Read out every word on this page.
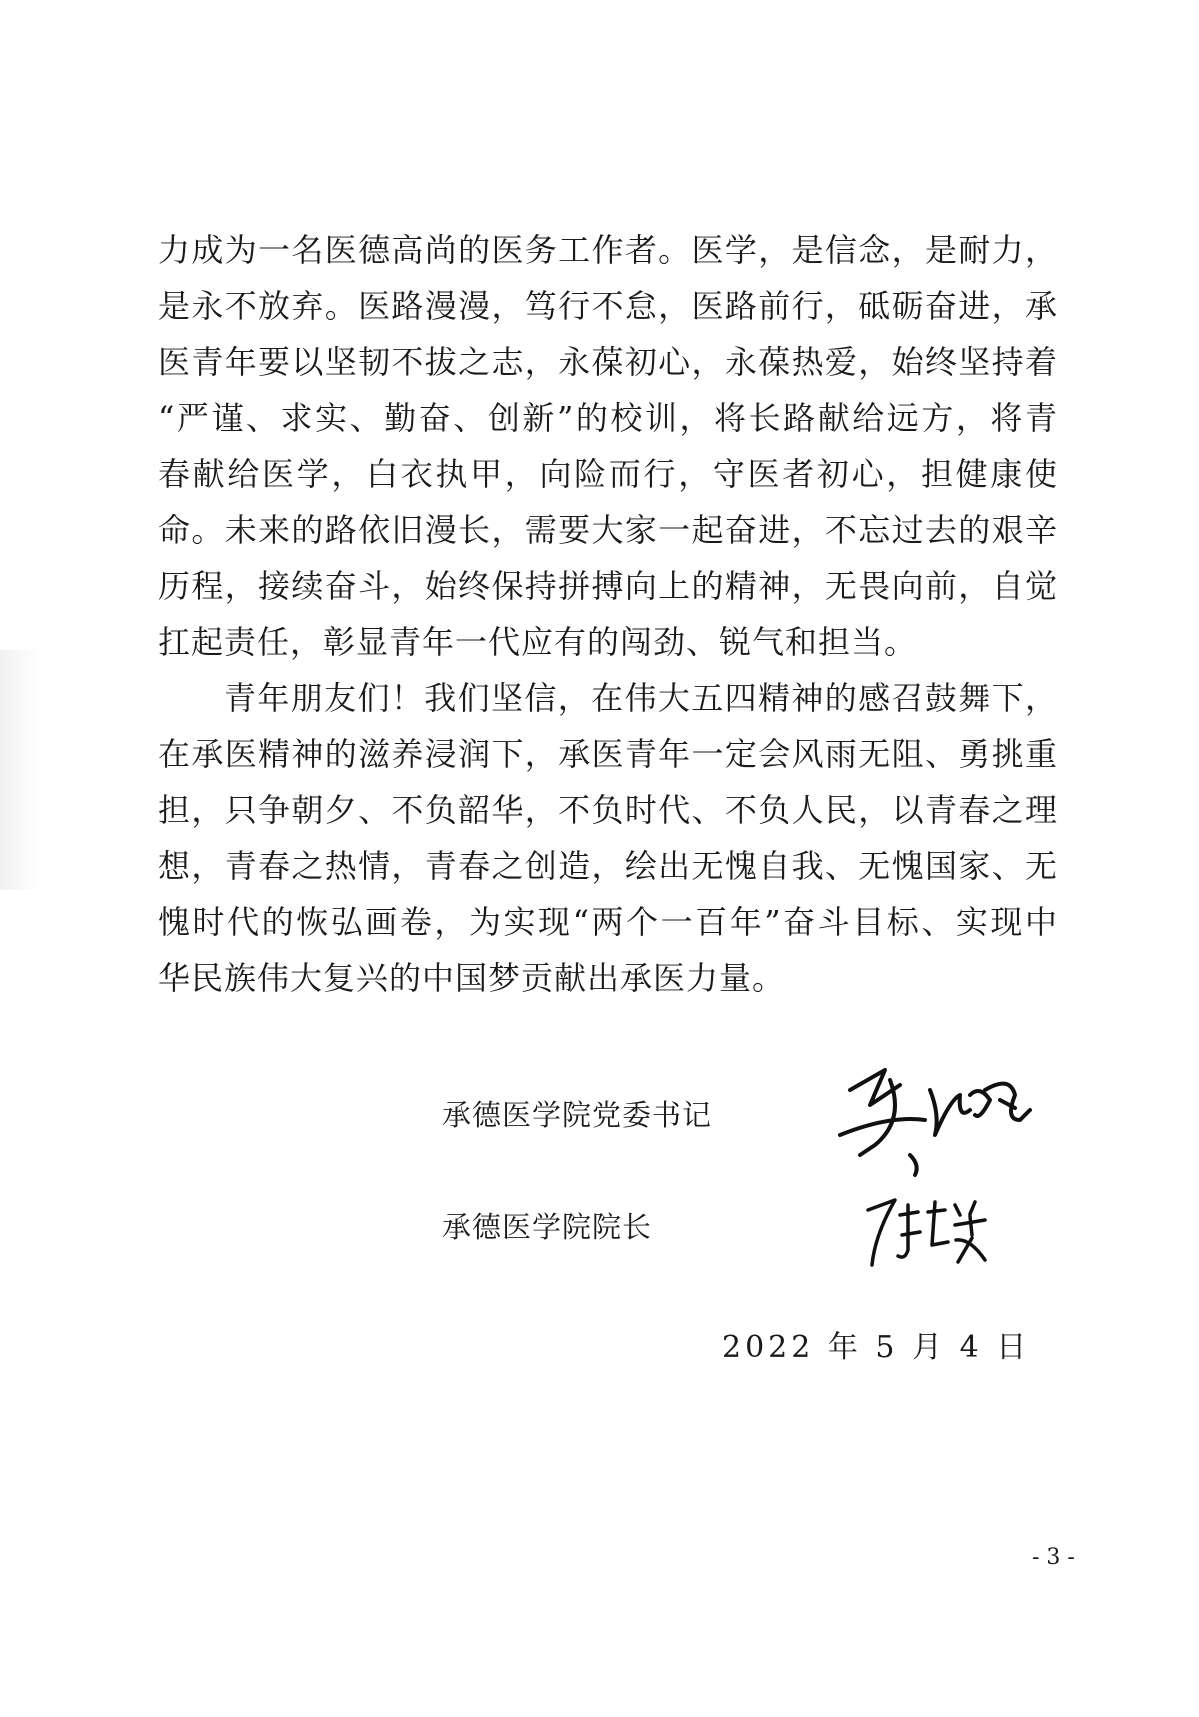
力成为一名医德高尚的医务工作者。医学，是信念，是耐力，
是永不放弃。医路漫漫，笃行不怠，医路前行，砥砺奋进，承
医青年要以坚韧不拔之志，永葆初心，永葆热爱，始终坚持着
“严谨、求实、勤奋、创新”的校训，将长路献给远方，将青
春献给医学，白衣执甲，向险而行，守医者初心，担健康使
命。未来的路依旧漫长，需要大家一起奋进，不忘过去的艰辛
历程，接续奋斗，始终保持拼搏向上的精神，无畏向前，自觉
扛起责任，彰显青年一代应有的闯劲、锐气和担当。
青年朋友们！我们坚信，在伟大五四精神的感召鼓舞下，
在承医精神的滋养浸润下，承医青年一定会风雨无阻、勇挑重
担，只争朝夕、不负韶华，不负时代、不负人民，以青春之理
想，青春之热情，青春之创造，绘出无愧自我、无愧国家、无
愧时代的恢弘画卷，为实现“两个一百年”奋斗目标、实现中
华民族伟大复兴的中国梦贡献出承医力量。
承德医学院党委书记
承德医学院院长
2022 年 5 月 4 日
- 3 -
